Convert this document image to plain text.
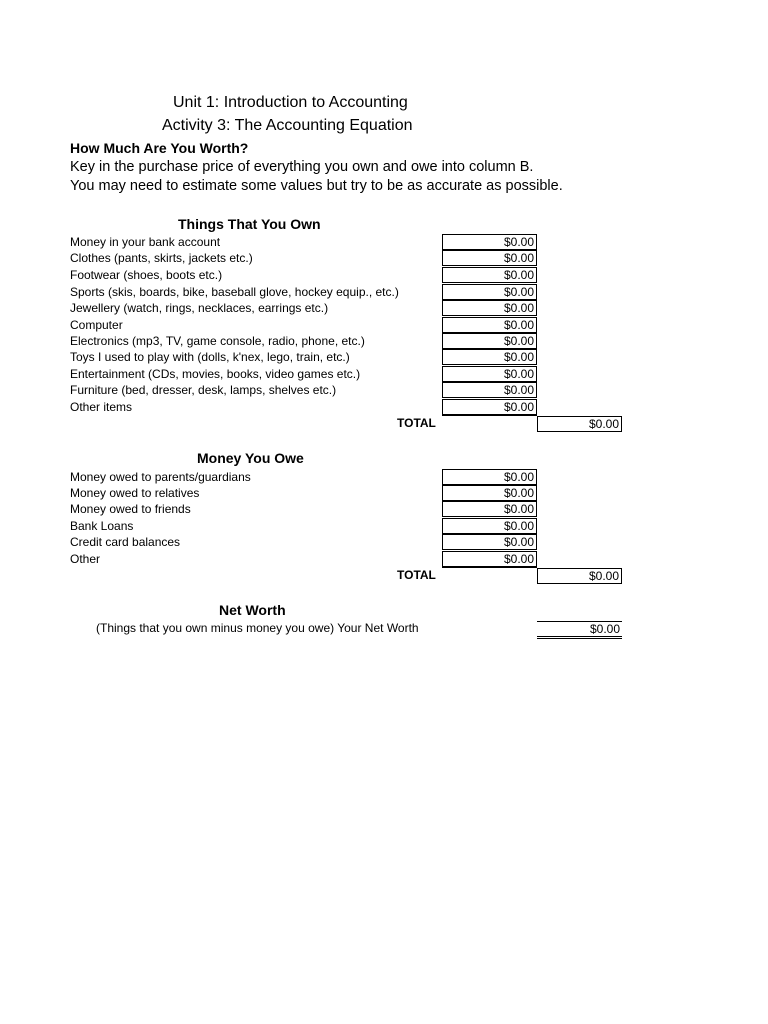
Unit 1: Introduction to Accounting
Activity 3: The Accounting Equation
How Much Are You Worth?
Key in the purchase price of everything you own and owe into column B.
You may need to estimate some values but try to be as accurate as possible.
Things That You Own
Money in your bank account	$0.00
Clothes (pants, skirts, jackets etc.)	$0.00
Footwear (shoes, boots etc.)	$0.00
Sports (skis, boards, bike, baseball glove, hockey equip., etc.)	$0.00
Jewellery (watch, rings, necklaces, earrings etc.)	$0.00
Computer	$0.00
Electronics (mp3, TV, game console, radio, phone, etc.)	$0.00
Toys I used to play with (dolls, k'nex, lego, train, etc.)	$0.00
Entertainment (CDs, movies, books, video games etc.)	$0.00
Furniture (bed, dresser, desk, lamps, shelves etc.)	$0.00
Other items	$0.00
TOTAL	$0.00
Money You Owe
Money owed to parents/guardians	$0.00
Money owed to relatives	$0.00
Money owed to friends	$0.00
Bank Loans	$0.00
Credit card balances	$0.00
Other	$0.00
TOTAL	$0.00
Net Worth
(Things that you own minus money you owe) Your Net Worth	$0.00
